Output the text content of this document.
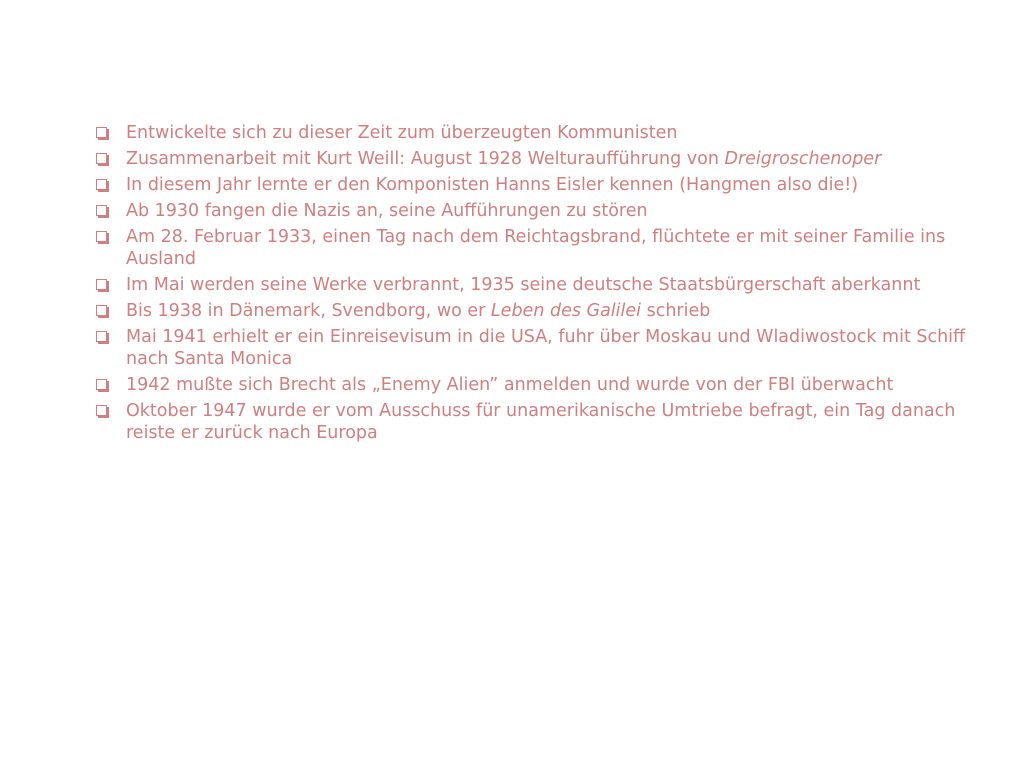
Entwickelte sich zu dieser Zeit zum überzeugten Kommunisten
Zusammenarbeit mit Kurt Weill: August 1928 Welturaufführung von Dreigroschenoper
In diesem Jahr lernte er den Komponisten Hanns Eisler kennen (Hangmen also die!)
Ab 1930 fangen die Nazis an, seine Aufführungen zu stören
Am 28. Februar 1933, einen Tag nach dem Reichtagsbrand, flüchtete er mit seiner Familie ins Ausland
Im Mai werden seine Werke verbrannt, 1935 seine deutsche Staatsbürgerschaft aberkannt
Bis 1938 in Dänemark, Svendborg, wo er Leben des Galilei schrieb
Mai 1941 erhielt er ein Einreisevisum in die USA, fuhr über Moskau und Wladiwostock mit Schiff nach Santa Monica
1942 mußte sich Brecht als „Enemy Alien” anmelden und wurde von der FBI überwacht
Oktober 1947 wurde er vom Ausschuss für unamerikanische Umtriebe befragt, ein Tag danach reiste er zurück nach Europa
